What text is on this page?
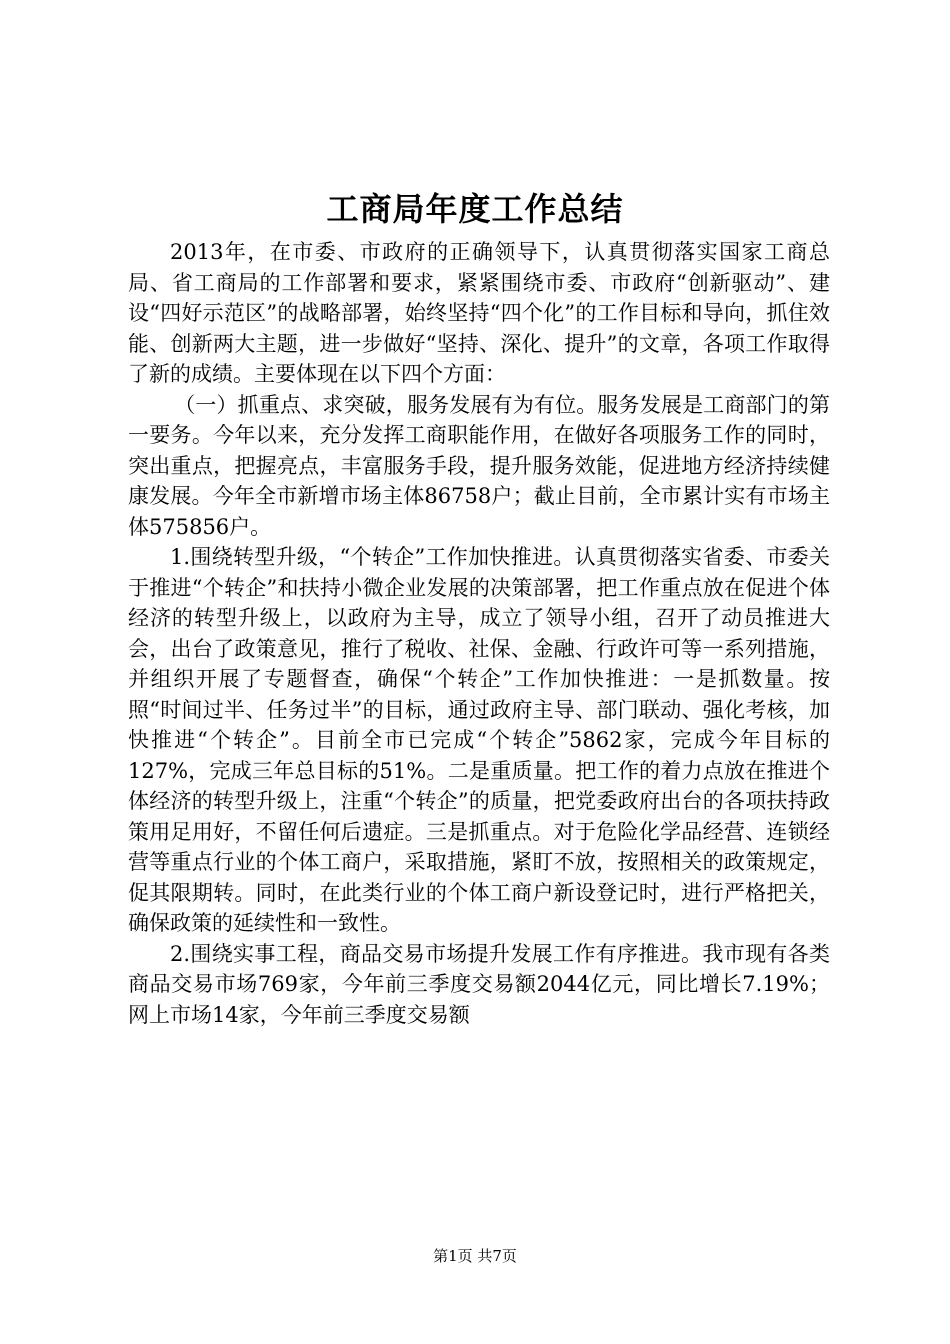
工商局年度工作总结

2013年，在市委、市政府的正确领导下，认真贯彻落实国家工商总局、省工商局的工作部署和要求，紧紧围绕市委、市政府“创新驱动”、建设“四好示范区”的战略部署，始终坚持“四个化”的工作目标和导向，抓住效能、创新两大主题，进一步做好“坚持、深化、提升”的文章，各项工作取得了新的成绩。主要体现在以下四个方面：

（一）抓重点、求突破，服务发展有为有位。服务发展是工商部门的第一要务。今年以来，充分发挥工商职能作用，在做好各项服务工作的同时，突出重点，把握亮点，丰富服务手段，提升服务效能，促进地方经济持续健康发展。今年全市新增市场主体86758户；截止目前，全市累计实有市场主体575856户。

1.围绕转型升级，“个转企”工作加快推进。认真贯彻落实省委、市委关于推进“个转企”和扶持小微企业发展的决策部署，把工作重点放在促进个体经济的转型升级上，以政府为主导，成立了领导小组，召开了动员推进大会，出台了政策意见，推行了税收、社保、金融、行政许可等一系列措施，并组织开展了专题督查，确保“个转企”工作加快推进：一是抓数量。按照“时间过半、任务过半”的目标，通过政府主导、部门联动、强化考核，加快推进“个转企”。目前全市已完成“个转企”5862家，完成今年目标的127%，完成三年总目标的51%。二是重质量。把工作的着力点放在推进个体经济的转型升级上，注重“个转企”的质量，把党委政府出台的各项扶持政策用足用好，不留任何后遗症。三是抓重点。对于危险化学品经营、连锁经营等重点行业的个体工商户，采取措施，紧盯不放，按照相关的政策规定，促其限期转。同时，在此类行业的个体工商户新设登记时，进行严格把关，确保政策的延续性和一致性。

2.围绕实事工程，商品交易市场提升发展工作有序推进。我市现有各类商品交易市场769家，今年前三季度交易额2044亿元，同比增长7.19%；网上市场14家，今年前三季度交易额

第1页 共7页
